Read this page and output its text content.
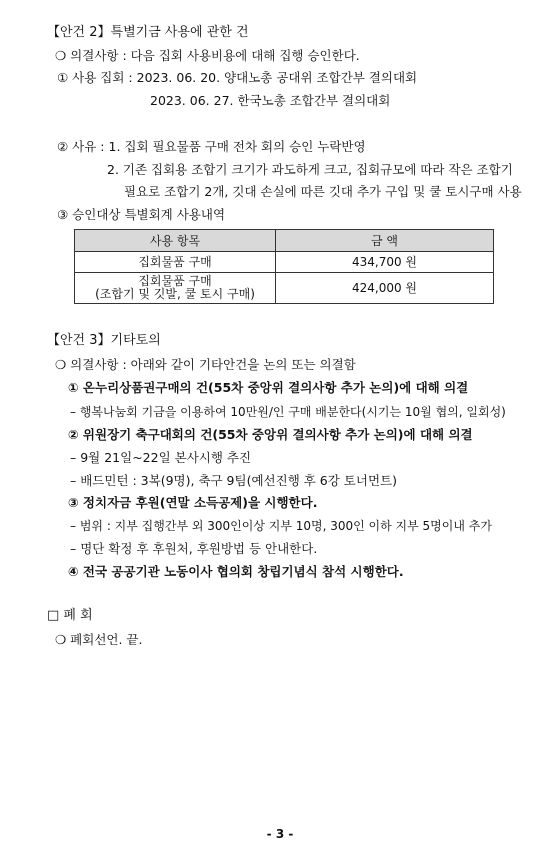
【안건 2】특별기금 사용에 관한 건
❍ 의결사항 : 다음 집회 사용비용에 대해 집행 승인한다.
① 사용 집회 : 2023. 06. 20. 양대노총 공대위 조합간부 결의대회
2023. 06. 27. 한국노총 조합간부 결의대회
② 사유 : 1. 집회 필요물품 구매 전차 회의 승인 누락반영
2. 기존 집회용 조합기 크기가 과도하게 크고, 집회규모에 따라 작은 조합기
필요로 조합기 2개, 깃대 손실에 따른 깃대 추가 구입 및 쿨 토시구매 사용
③ 승인대상 특별회계 사용내역
사용 항목	금 액
집회물품 구매	434,700 원

집회물품 구매
(조합기 및 깃발, 쿨 토시 구매)	424,000 원
【안건 3】기타토의
❍ 의결사항 : 아래와 같이 기타안건을 논의 또는 의결함
① 온누리상품권구매의 건(55차 중앙위 결의사항 추가 논의)에 대해 의결
– 행복나눔회 기금을 이용하여 10만원/인 구매 배분한다(시기는 10월 협의, 일회성)
② 위원장기 축구대회의 건(55차 중앙위 결의사항 추가 논의)에 대해 의결
– 9월 21일~22일 본사시행 추진
– 배드민턴 : 3복(9명), 축구 9팀(예선진행 후 6강 토너먼트)
③ 정치자금 후원(연말 소득공제)을 시행한다.
– 범위 : 지부 집행간부 외 300인이상 지부 10명, 300인 이하 지부 5명이내 추가
– 명단 확정 후 후원처, 후원방법 등 안내한다.
④ 전국 공공기관 노동이사 협의회 창립기념식 참석 시행한다.
□ 폐 회
❍ 폐회선언. 끝.
- 3 -
